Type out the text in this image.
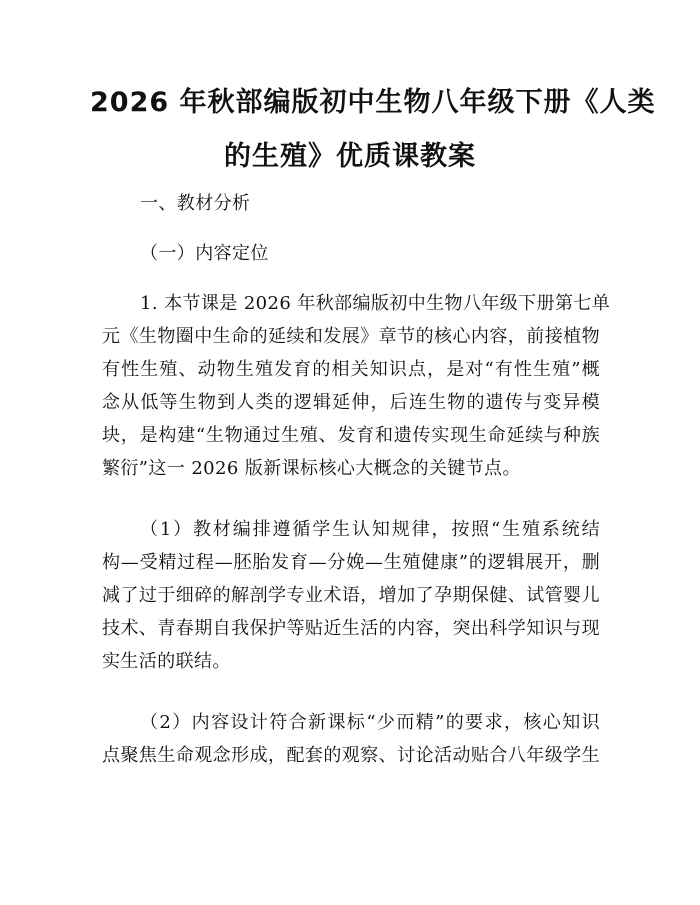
2026 年秋部编版初中生物八年级下册《人类
的生殖》优质课教案
一、教材分析
（一）内容定位
1. 本节课是 2026 年秋部编版初中生物八年级下册第七单
元《生物圈中生命的延续和发展》章节的核心内容，前接植物
有性生殖、动物生殖发育的相关知识点，是对“有性生殖”概
念从低等生物到人类的逻辑延伸，后连生物的遗传与变异模
块，是构建“生物通过生殖、发育和遗传实现生命延续与种族
繁衍”这一 2026 版新课标核心大概念的关键节点。
（1）教材编排遵循学生认知规律，按照“生殖系统结
构—受精过程—胚胎发育—分娩—生殖健康”的逻辑展开，删
减了过于细碎的解剖学专业术语，增加了孕期保健、试管婴儿
技术、青春期自我保护等贴近生活的内容，突出科学知识与现
实生活的联结。
（2）内容设计符合新课标“少而精”的要求，核心知识
点聚焦生命观念形成，配套的观察、讨论活动贴合八年级学生
